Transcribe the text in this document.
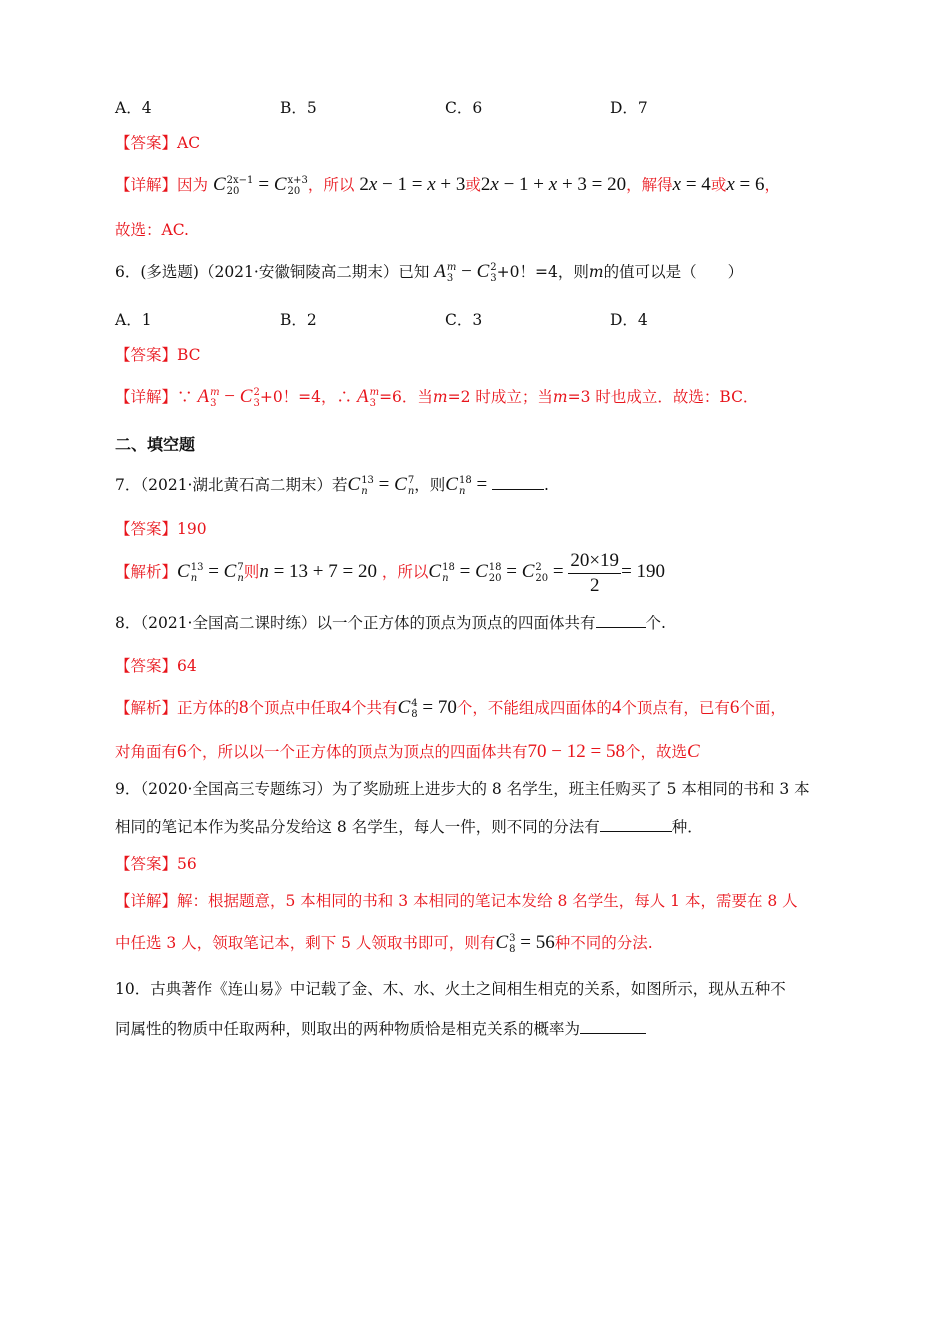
A．4	B．5	C．6	D．7
【答案】AC
【详解】因为 C 2x−1
20 = C x+3
20 ，所以 2x − 1 = x + 3或2x − 1 + x + 3 = 20，解得x = 4或x = 6，
故选：AC.
6．(多选题)（2021·安徽铜陵高二期末）已知 A m
3 − C 2
3 +0！=4，则m的值可以是（　　）
A．1	B．2	C．3	D．4
【答案】BC
【详解】∵ A m
3 − C 2
3 +0！=4，∴ A m
3 =6．当m=2 时成立；当m=3 时也成立．故选：BC．
二、填空题
7．（2021·湖北黄石高二期末）若C 13
n = C 7
n ，则C 18
n =	.
【答案】190
【解析】C 13
n = C 7
n 则n = 13 + 7 = 20 ，所以C 18
n = C 18
20 = C 2
$20 = \frac{20\times 19}{2} = 190$
8．（2021·全国高二课时练）以一个正方体的顶点为顶点的四面体共有	个.
【答案】64
【解析】正方体的8个顶点中任取4个共有C 4
8 = 70个，不能组成四面体的4个顶点有，已有6个面，
对角面有6个，所以以一个正方体的顶点为顶点的四面体共有70 − 12 = 58个，故选C
9．（2020·全国高三专题练习）为了奖励班上进步大的 8 名学生，班主任购买了 5 本相同的书和 3 本
相同的笔记本作为奖品分发给这 8 名学生，每人一件，则不同的分法有	种．
【答案】56
【详解】解：根据题意，5 本相同的书和 3 本相同的笔记本发给 8 名学生，每人 1 本，需要在 8 人
中任选 3 人，领取笔记本，剩下 5 人领取书即可，则有C 3
8 = 56种不同的分法.
10．古典著作《连山易》中记载了金、木、水、火土之间相生相克的关系，如图所示，现从五种不
同属性的物质中任取两种，则取出的两种物质恰是相克关系的概率为
